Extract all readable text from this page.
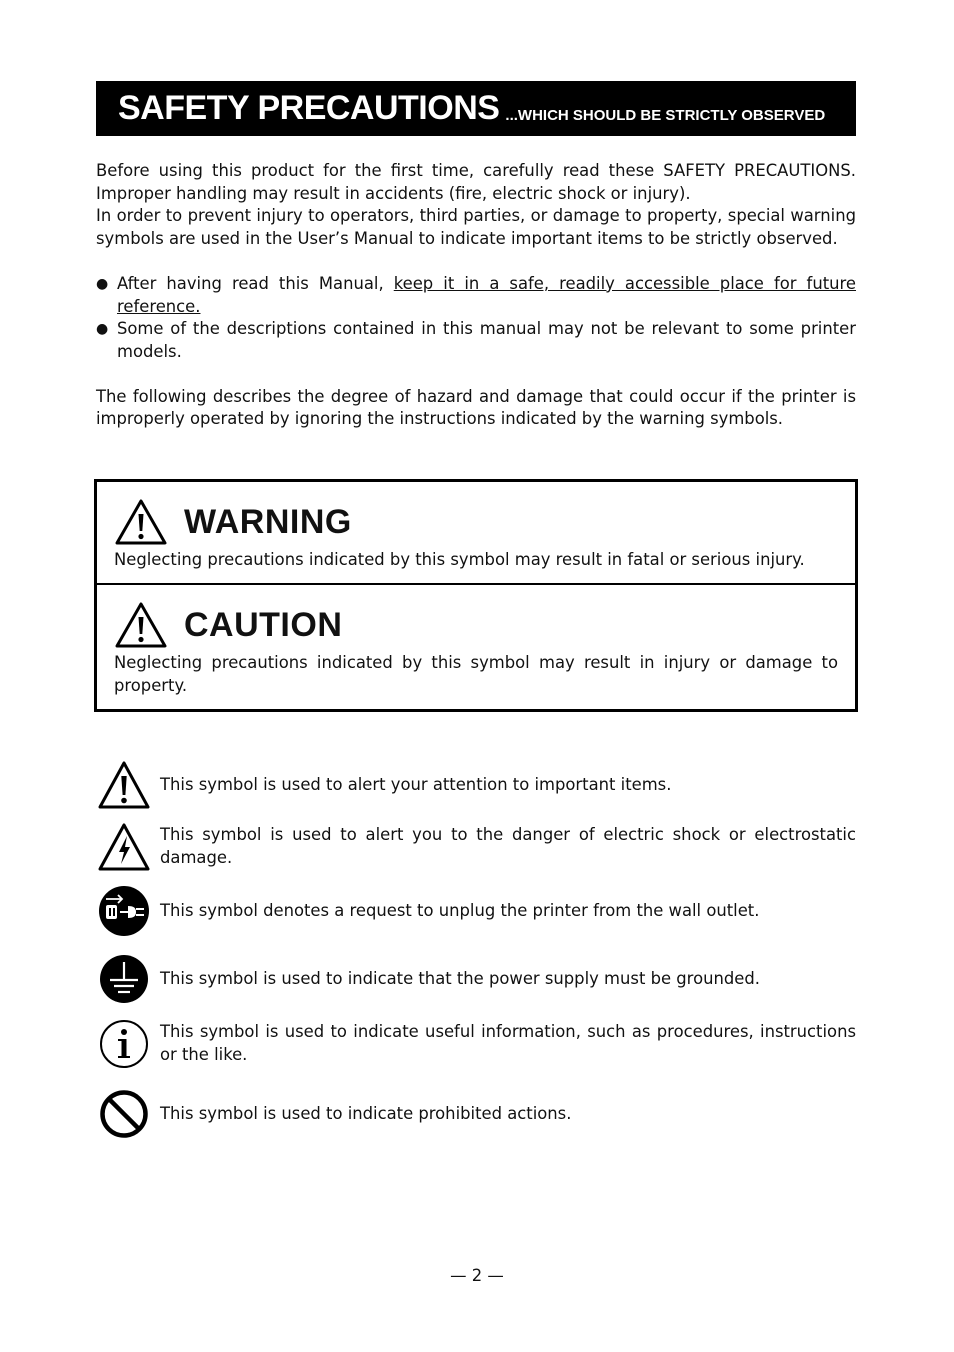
SAFETY PRECAUTIONS ...WHICH SHOULD BE STRICTLY OBSERVED

Before using this product for the first time, carefully read these SAFETY PRECAUTIONS. Improper handling may result in accidents (fire, electric shock or injury).

In order to prevent injury to operators, third parties, or damage to property, special warning symbols are used in the User’s Manual to indicate important items to be strictly observed.

● After having read this Manual, keep it in a safe, readily accessible place for future reference.
● Some of the descriptions contained in this manual may not be relevant to some printer models.

The following describes the degree of hazard and damage that could occur if the printer is improperly operated by ignoring the instructions indicated by the warning symbols.

WARNING
Neglecting precautions indicated by this symbol may result in fatal or serious injury.
CAUTION
Neglecting precautions indicated by this symbol may result in injury or damage to property.
This symbol is used to alert your attention to important items.
This symbol is used to alert you to the danger of electric shock or electrostatic damage.
This symbol denotes a request to unplug the printer from the wall outlet.
This symbol is used to indicate that the power supply must be grounded.
This symbol is used to indicate useful information, such as procedures, instructions or the like.
This symbol is used to indicate prohibited actions.
— 2 —
